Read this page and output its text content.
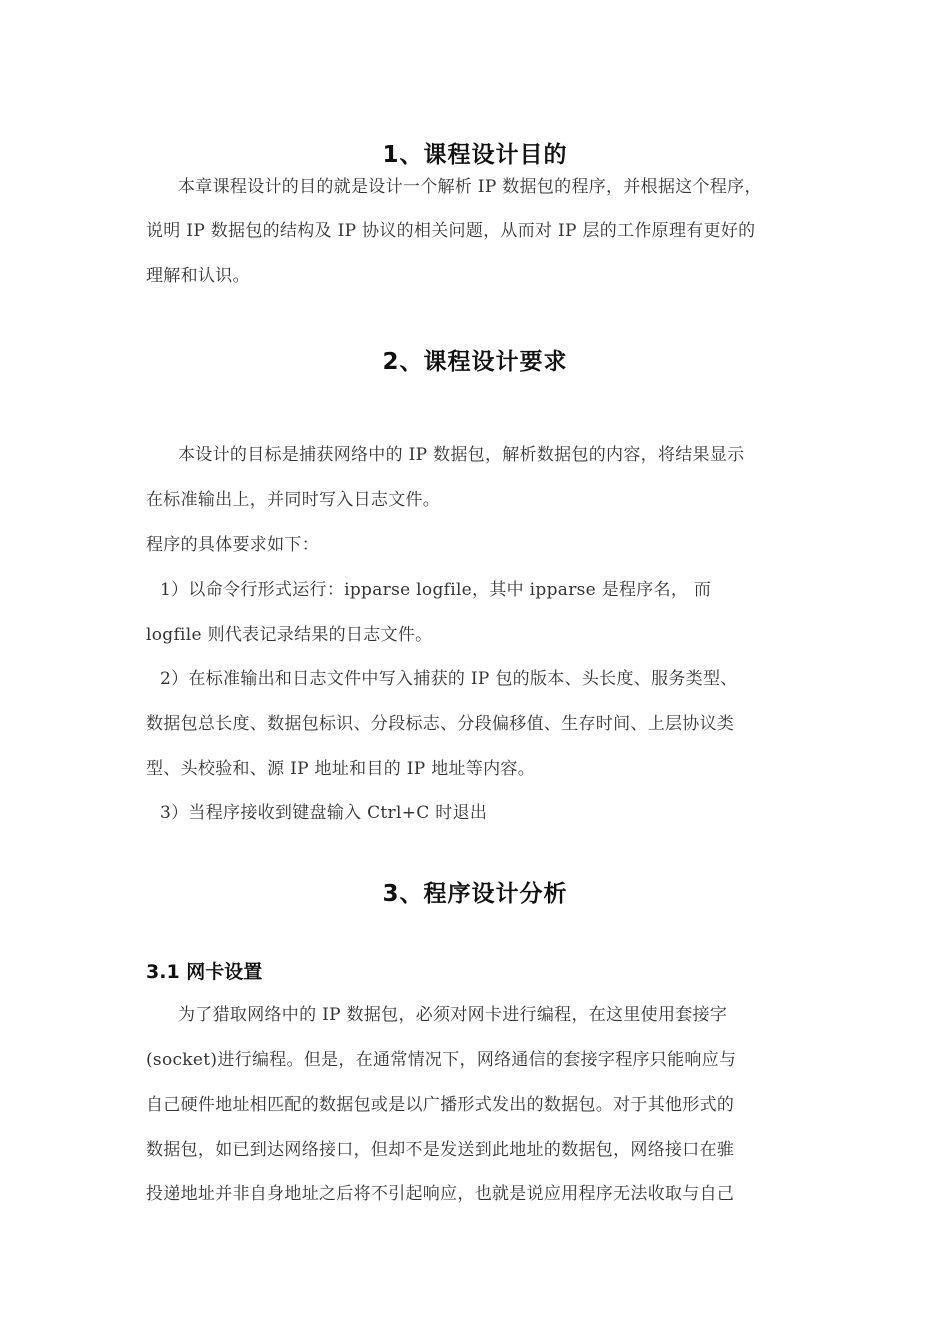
1、课程设计目的
本章课程设计的目的就是设计一个解析 IP 数据包的程序，并根据这个程序，
说明 IP 数据包的结构及 IP 协议的相关问题，从而对 IP 层的工作原理有更好的
理解和认识。
2、课程设计要求
本设计的目标是捕获网络中的 IP 数据包，解析数据包的内容，将结果显示
在标准输出上，并同时写入日志文件。
程序的具体要求如下：
1）以命令行形式运行：ipparse logfile，其中 ipparse 是程序名， 而
logfile 则代表记录结果的日志文件。
2）在标准输出和日志文件中写入捕获的 IP 包的版本、头长度、服务类型、
数据包总长度、数据包标识、分段标志、分段偏移值、生存时间、上层协议类
型、头校验和、源 IP 地址和目的 IP 地址等内容。
3）当程序接收到键盘输入 Ctrl+C 时退出
3、程序设计分析
3.1 网卡设置
为了猎取网络中的 IP 数据包，必须对网卡进行编程，在这里使用套接字
(socket)进行编程。但是，在通常情况下，网络通信的套接字程序只能响应与
自己硬件地址相匹配的数据包或是以广播形式发出的数据包。对于其他形式的
数据包，如已到达网络接口，但却不是发送到此地址的数据包，网络接口在骓
投递地址并非自身地址之后将不引起响应，也就是说应用程序无法收取与自己
